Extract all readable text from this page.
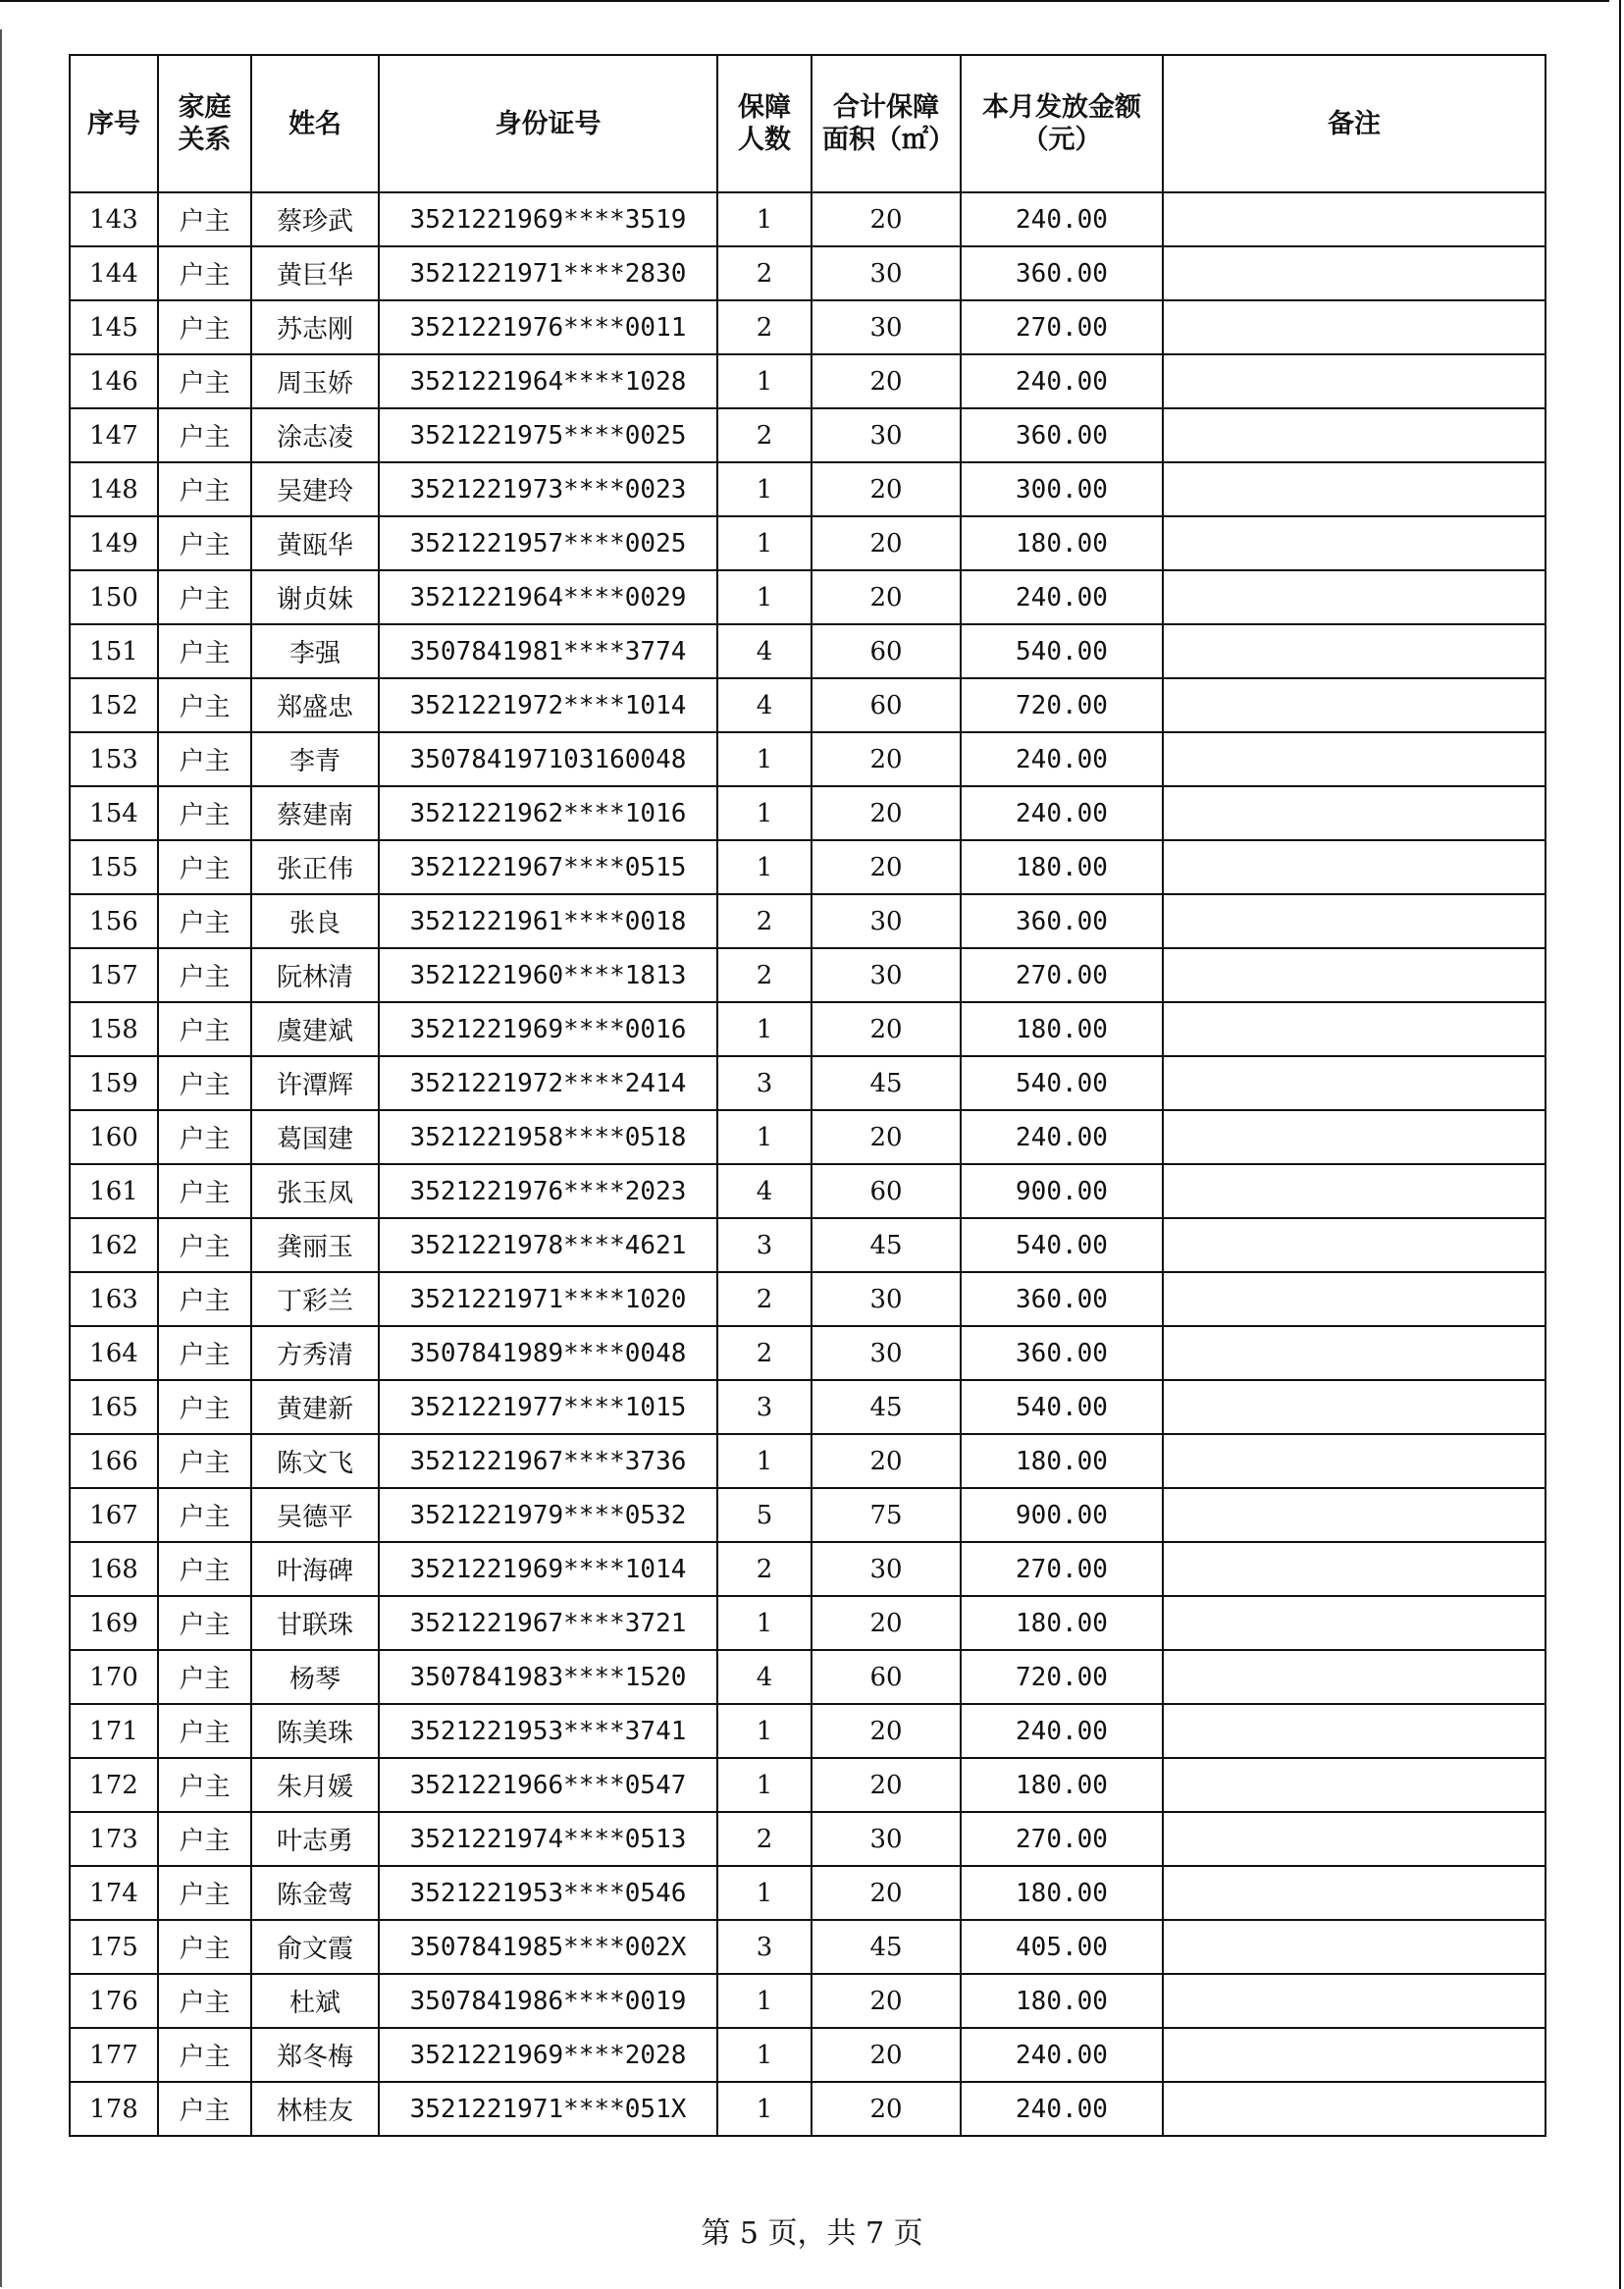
序号	家庭关系	姓名	身份证号	保障人数	合计保障面积（㎡）	本月发放金额（元）	备注
143	户主	蔡珍武	3521221969****3519	1	20	240.00	
144	户主	黄巨华	3521221971****2830	2	30	360.00	
145	户主	苏志刚	3521221976****0011	2	30	270.00	
146	户主	周玉娇	3521221964****1028	1	20	240.00	
147	户主	涂志凌	3521221975****0025	2	30	360.00	
148	户主	吴建玲	3521221973****0023	1	20	300.00	
149	户主	黄瓯华	3521221957****0025	1	20	180.00	
150	户主	谢贞妹	3521221964****0029	1	20	240.00	
151	户主	李强	3507841981****3774	4	60	540.00	
152	户主	郑盛忠	3521221972****1014	4	60	720.00	
153	户主	李青	350784197103160048	1	20	240.00	
154	户主	蔡建南	3521221962****1016	1	20	240.00	
155	户主	张正伟	3521221967****0515	1	20	180.00	
156	户主	张良	3521221961****0018	2	30	360.00	
157	户主	阮林清	3521221960****1813	2	30	270.00	
158	户主	虞建斌	3521221969****0016	1	20	180.00	
159	户主	许潭辉	3521221972****2414	3	45	540.00	
160	户主	葛国建	3521221958****0518	1	20	240.00	
161	户主	张玉凤	3521221976****2023	4	60	900.00	
162	户主	龚丽玉	3521221978****4621	3	45	540.00	
163	户主	丁彩兰	3521221971****1020	2	30	360.00	
164	户主	方秀清	3507841989****0048	2	30	360.00	
165	户主	黄建新	3521221977****1015	3	45	540.00	
166	户主	陈文飞	3521221967****3736	1	20	180.00	
167	户主	吴德平	3521221979****0532	5	75	900.00	
168	户主	叶海碑	3521221969****1014	2	30	270.00	
169	户主	甘联珠	3521221967****3721	1	20	180.00	
170	户主	杨琴	3507841983****1520	4	60	720.00	
171	户主	陈美珠	3521221953****3741	1	20	240.00	
172	户主	朱月媛	3521221966****0547	1	20	180.00	
173	户主	叶志勇	3521221974****0513	2	30	270.00	
174	户主	陈金莺	3521221953****0546	1	20	180.00	
175	户主	俞文霞	3507841985****002X	3	45	405.00	
176	户主	杜斌	3507841986****0019	1	20	180.00	
177	户主	郑冬梅	3521221969****2028	1	20	240.00	
178	户主	林桂友	3521221971****051X	1	20	240.00	
第 5 页，共 7 页
